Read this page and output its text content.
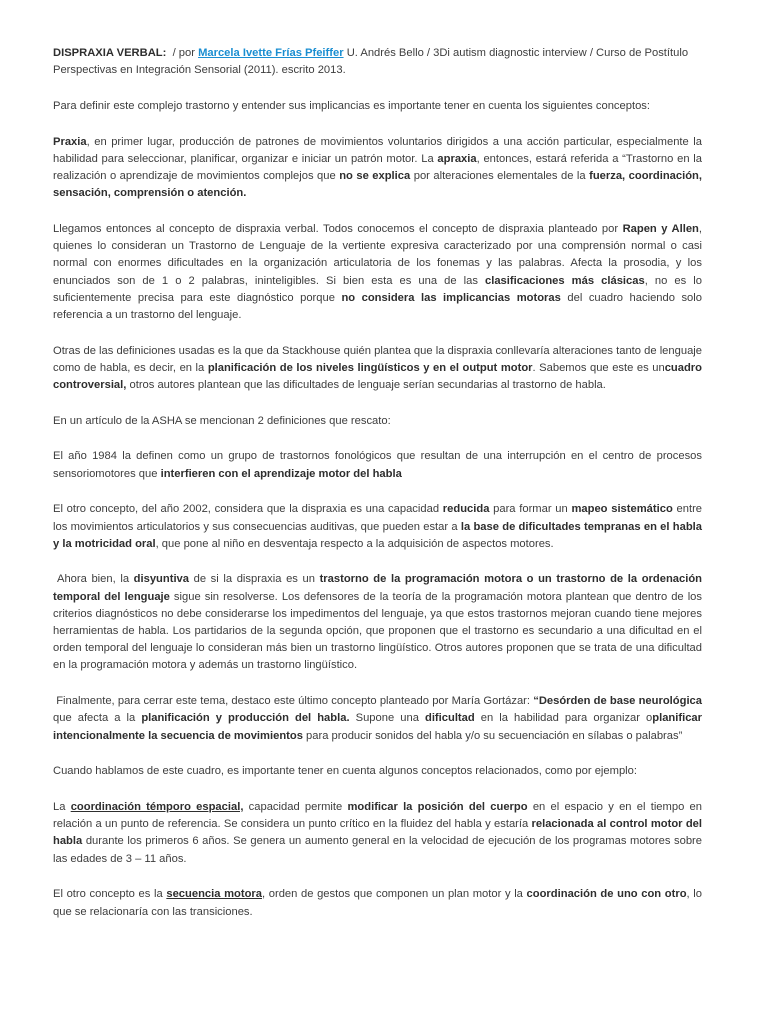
DISPRAXIA VERBAL: / por Marcela Ivette Frías Pfeiffer U. Andrés Bello / 3Di autism diagnostic interview / Curso de Postítulo Perspectivas en Integración Sensorial (2011). escrito 2013.

Para definir este complejo trastorno y entender sus implicancias es importante tener en cuenta los siguientes conceptos:

Praxia, en primer lugar, producción de patrones de movimientos voluntarios dirigidos a una acción particular, especialmente la habilidad para seleccionar, planificar, organizar e iniciar un patrón motor. La apraxia, entonces, estará referida a “Trastorno en la realización o aprendizaje de movimientos complejos que no se explica por alteraciones elementales de la fuerza, coordinación, sensación, comprensión o atención.

Llegamos entonces al concepto de dispraxia verbal. Todos conocemos el concepto de dispraxia planteado por Rapen y Allen, quienes lo consideran un Trastorno de Lenguaje de la vertiente expresiva caracterizado por una comprensión normal o casi normal con enormes dificultades en la organización articulatoria de los fonemas y las palabras. Afecta la prosodia, y los enunciados son de 1 o 2 palabras, ininteligibles. Si bien esta es una de las clasificaciones más clásicas, no es lo suficientemente precisa para este diagnóstico porque no considera las implicancias motoras del cuadro haciendo solo referencia a un trastorno del lenguaje.

Otras de las definiciones usadas es la que da Stackhouse quién plantea que la dispraxia conllevaría alteraciones tanto de lenguaje como de habla, es decir, en la planificación de los niveles lingüísticos y en el output motor. Sabemos que este es uncuadro controversial, otros autores plantean que las dificultades de lenguaje serían secundarias al trastorno de habla.

En un artículo de la ASHA se mencionan 2 definiciones que rescato:

El año 1984 la definen como un grupo de trastornos fonológicos que resultan de una interrupción en el centro de procesos sensoriomotores que interfieren con el aprendizaje motor del habla

El otro concepto, del año 2002, considera que la dispraxia es una capacidad reducida para formar un mapeo sistemático entre los movimientos articulatorios y sus consecuencias auditivas, que pueden estar a la base de dificultades tempranas en el habla y la motricidad oral, que pone al niño en desventaja respecto a la adquisición de aspectos motores.

Ahora bien, la disyuntiva de si la dispraxia es un trastorno de la programación motora o un trastorno de la ordenación temporal del lenguaje sigue sin resolverse. Los defensores de la teoría de la programación motora plantean que dentro de los criterios diagnósticos no debe considerarse los impedimentos del lenguaje, ya que estos trastornos mejoran cuando tiene mejores herramientas de habla. Los partidarios de la segunda opción, que proponen que el trastorno es secundario a una dificultad en el orden temporal del lenguaje lo consideran más bien un trastorno lingüístico. Otros autores proponen que se trata de una dificultad en la programación motora y además un trastorno lingüístico.

Finalmente, para cerrar este tema, destaco este último concepto planteado por María Gortázar: “Desórden de base neurológica que afecta a la planificación y producción del habla. Supone una dificultad en la habilidad para organizar oplanificar intencionalmente la secuencia de movimientos para producir sonidos del habla y/o su secuenciación en sílabas o palabras”

Cuando hablamos de este cuadro, es importante tener en cuenta algunos conceptos relacionados, como por ejemplo:

La coordinación témporo espacial, capacidad permite modificar la posición del cuerpo en el espacio y en el tiempo en relación a un punto de referencia. Se considera un punto crítico en la fluidez del habla y estaría relacionada al control motor del habla durante los primeros 6 años. Se genera un aumento general en la velocidad de ejecución de los programas motores sobre las edades de 3 – 11 años.

El otro concepto es la secuencia motora, orden de gestos que componen un plan motor y la coordinación de uno con otro, lo que se relacionaría con las transiciones.
